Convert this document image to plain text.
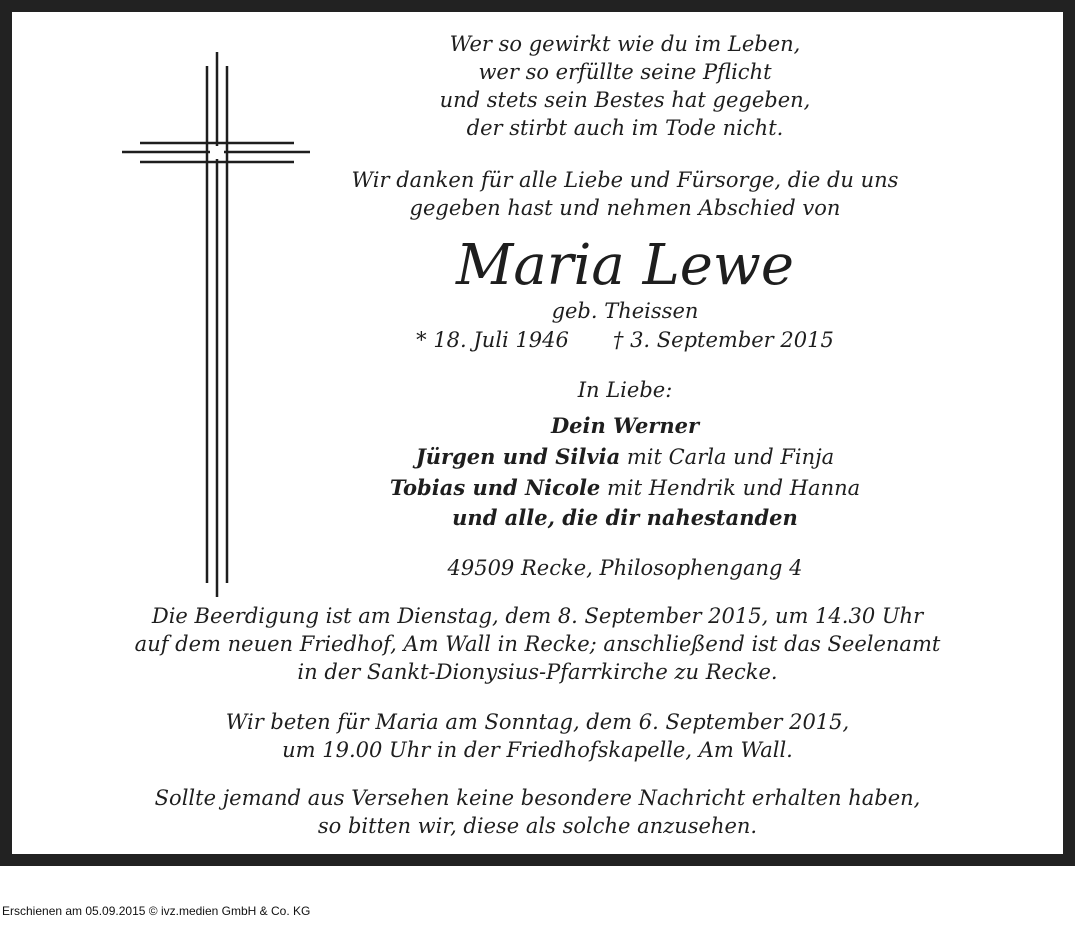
Wer so gewirkt wie du im Leben,
wer so erfüllte seine Pflicht
und stets sein Bestes hat gegeben,
der stirbt auch im Tode nicht.
Wir danken für alle Liebe und Fürsorge, die du uns
gegeben hast und nehmen Abschied von
Maria Lewe
geb. Theissen
* 18. Juli 1946 † 3. September 2015
In Liebe:
Dein Werner
Jürgen und Silvia mit Carla und Finja
Tobias und Nicole mit Hendrik und Hanna
und alle, die dir nahestanden
49509 Recke, Philosophengang 4
Die Beerdigung ist am Dienstag, dem 8. September 2015, um 14.30 Uhr
auf dem neuen Friedhof, Am Wall in Recke; anschließend ist das Seelenamt
in der Sankt-Dionysius-Pfarrkirche zu Recke.
Wir beten für Maria am Sonntag, dem 6. September 2015,
um 19.00 Uhr in der Friedhofskapelle, Am Wall.
Sollte jemand aus Versehen keine besondere Nachricht erhalten haben,
so bitten wir, diese als solche anzusehen.
Erschienen am 05.09.2015 © ivz.medien GmbH & Co. KG
